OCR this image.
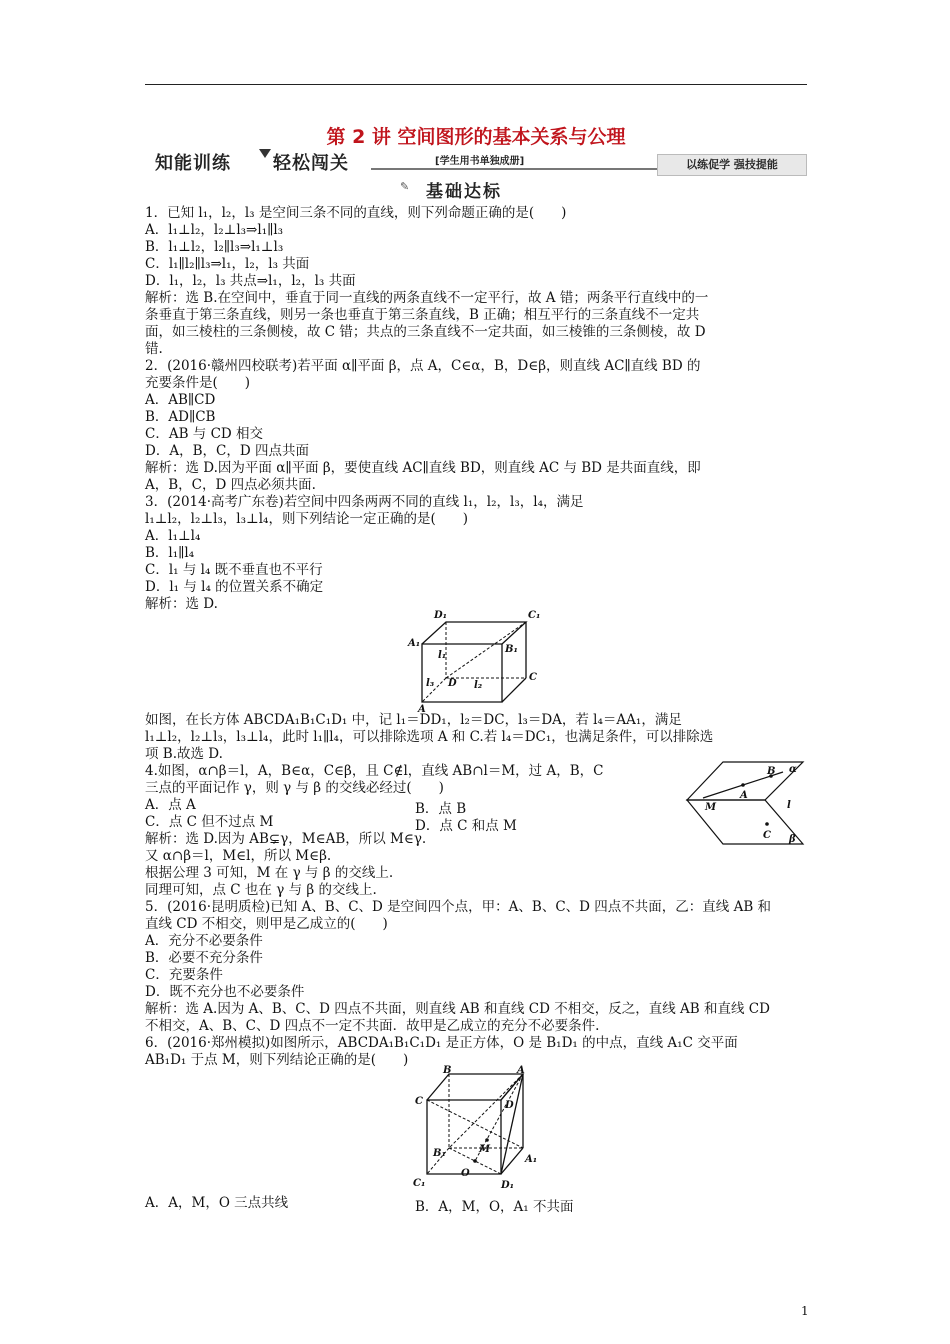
第 2 讲 空间图形的基本关系与公理
知能训练 轻松闯关	[学生用书单独成册]	以练促学 强技提能
✎ 基础达标
1．已知 l₁，l₂，l₃ 是空间三条不同的直线，则下列命题正确的是(　　)
A．l₁⊥l₂，l₂⊥l₃⇒l₁∥l₃
B．l₁⊥l₂，l₂∥l₃⇒l₁⊥l₃
C．l₁∥l₂∥l₃⇒l₁，l₂，l₃ 共面
D．l₁，l₂，l₃ 共点⇒l₁，l₂，l₃ 共面
解析：选 B.在空间中，垂直于同一直线的两条直线不一定平行，故 A 错；两条平行直线中的一
条垂直于第三条直线，则另一条也垂直于第三条直线，B 正确；相互平行的三条直线不一定共
面，如三棱柱的三条侧棱，故 C 错；共点的三条直线不一定共面，如三棱锥的三条侧棱，故 D
错.
2．(2016·赣州四校联考)若平面 α∥平面 β，点 A，C∈α，B，D∈β，则直线 AC∥直线 BD 的
充要条件是(　　)
A．AB∥CD
B．AD∥CB
C．AB 与 CD 相交
D．A，B，C，D 四点共面
解析：选 D.因为平面 α∥平面 β，要使直线 AC∥直线 BD，则直线 AC 与 BD 是共面直线，即
A，B，C，D 四点必须共面.
3．(2014·高考广东卷)若空间中四条两两不同的直线 l₁，l₂，l₃，l₄，满足
l₁⊥l₂，l₂⊥l₃，l₃⊥l₄，则下列结论一定正确的是(　　)
A．l₁⊥l₄
B．l₁∥l₄
C．l₁ 与 l₄ 既不垂直也不平行
D．l₁ 与 l₄ 的位置关系不确定
解析：选 D.
D₁	C₁
A₁
B₁
l₁
l₃ D l₂
C
A
如图，在长方体 ABCDA₁B₁C₁D₁ 中，记 l₁＝DD₁，l₂＝DC，l₃＝DA，若 l₄＝AA₁，满足
l₁⊥l₂，l₂⊥l₃，l₃⊥l₄，此时 l₁∥l₄，可以排除选项 A 和 C.若 l₄＝DC₁，也满足条件，可以排除选
项 B.故选 D.
4.如图，α∩β＝l，A，B∈α，C∈β，且 C∉l，直线 AB∩l＝M，过 A，B，C
三点的平面记作 γ，则 γ 与 β 的交线必经过(　　)
A．点 A	B．点 B
C．点 C 但不过点 M	D．点 C 和点 M
M
A
B α
l
C β
解析：选 D.因为 AB⊊γ，M∈AB，所以 M∈γ.
又 α∩β＝l，M∈l，所以 M∈β.
根据公理 3 可知，M 在 γ 与 β 的交线上.
同理可知，点 C 也在 γ 与 β 的交线上.
5．(2016·昆明质检)已知 A、B、C、D 是空间四个点，甲：A、B、C、D 四点不共面，乙：直线 AB 和
直线 CD 不相交，则甲是乙成立的(　　)
A．充分不必要条件
B．必要不充分条件
C．充要条件
D．既不充分也不必要条件
解析：选 A.因为 A、B、C、D 四点不共面，则直线 AB 和直线 CD 不相交，反之，直线 AB 和直线 CD
不相交，A、B、C、D 四点不一定不共面．故甲是乙成立的充分不必要条件.
6．(2016·郑州模拟)如图所示，ABCDA₁B₁C₁D₁ 是正方体，O 是 B₁D₁ 的中点，直线 A₁C 交平面
AB₁D₁ 于点 M，则下列结论正确的是(　　)
B	A
C	D
M
B₁
A₁
O
C₁	D₁
A．A，M，O 三点共线	B．A，M，O，A₁ 不共面
1
